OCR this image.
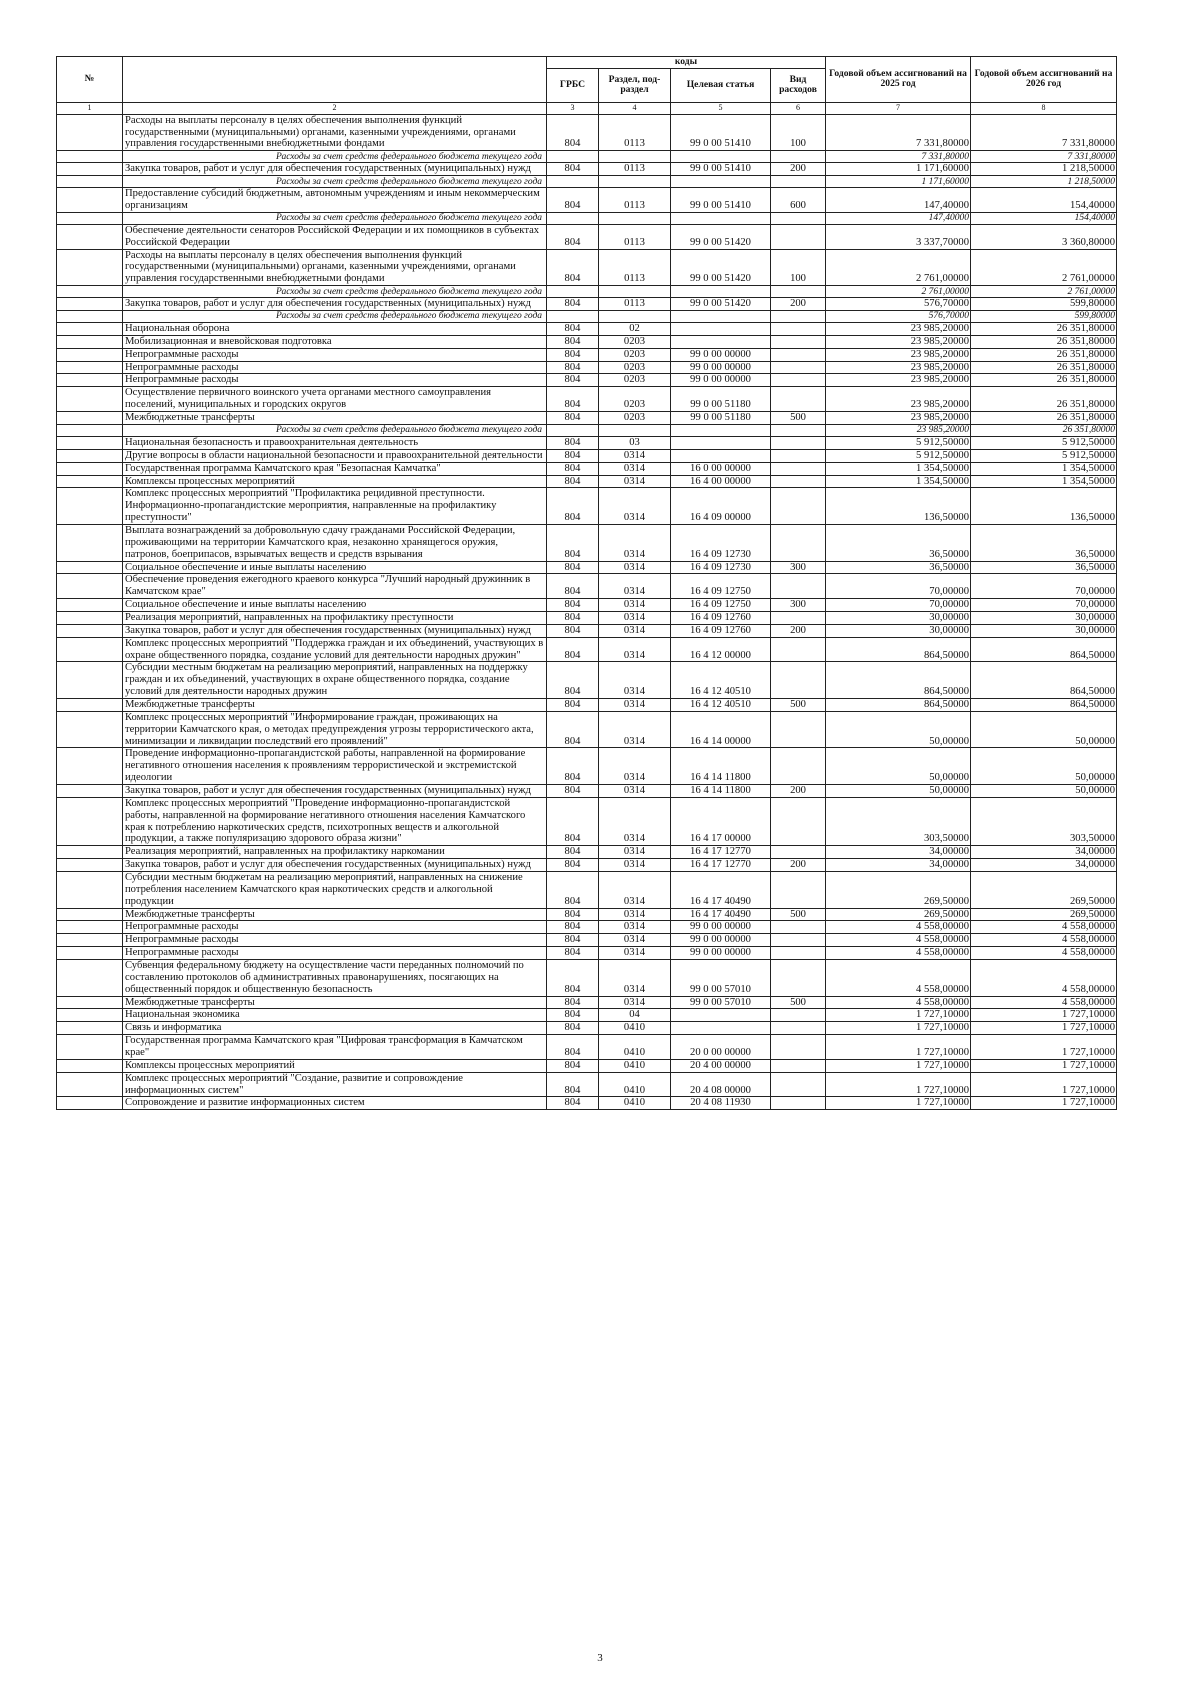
№		коды				Годовой объем ассигнований на 2025 год	Годовой объем ассигнований на 2026 год
		ГРБС	Раздел, под-раздел	Целевая статья	Вид расходов		
1	2	3	4	5	6	7	8
	Расходы на выплаты персоналу в целях обеспечения выполнения функций государственными (муниципальными) органами, казенными учреждениями, органами управления государственными внебюджетными фондами	804	0113	99 0 00 51410	100	7 331,80000	7 331,80000
	Расходы за счет средств федерального бюджета текущего года					7 331,80000	7 331,80000
	Закупка товаров, работ и услуг для обеспечения государственных (муниципальных) нужд	804	0113	99 0 00 51410	200	1 171,60000	1 218,50000
	Расходы за счет средств федерального бюджета текущего года					1 171,60000	1 218,50000
	Предоставление субсидий бюджетным, автономным учреждениям и иным некоммерческим организациям	804	0113	99 0 00 51410	600	147,40000	154,40000
	Расходы за счет средств федерального бюджета текущего года					147,40000	154,40000
	Обеспечение деятельности сенаторов Российской Федерации и их помощников в субъектах Российской Федерации	804	0113	99 0 00 51420		3 337,70000	3 360,80000
	Расходы на выплаты персоналу в целях обеспечения выполнения функций государственными (муниципальными) органами, казенными учреждениями, органами управления государственными внебюджетными фондами	804	0113	99 0 00 51420	100	2 761,00000	2 761,00000
	Расходы за счет средств федерального бюджета текущего года					2 761,00000	2 761,00000
	Закупка товаров, работ и услуг для обеспечения государственных (муниципальных) нужд	804	0113	99 0 00 51420	200	576,70000	599,80000
	Расходы за счет средств федерального бюджета текущего года					576,70000	599,80000
	Национальная оборона	804	02			23 985,20000	26 351,80000
	Мобилизационная и вневойсковая подготовка	804	0203			23 985,20000	26 351,80000
	Непрограммные расходы	804	0203	99 0 00 00000		23 985,20000	26 351,80000
	Непрограммные расходы	804	0203	99 0 00 00000		23 985,20000	26 351,80000
	Непрограммные расходы	804	0203	99 0 00 00000		23 985,20000	26 351,80000
	Осуществление первичного воинского учета органами местного самоуправления поселений, муниципальных и городских округов	804	0203	99 0 00 51180		23 985,20000	26 351,80000
	Межбюджетные трансферты	804	0203	99 0 00 51180	500	23 985,20000	26 351,80000
	Расходы за счет средств федерального бюджета текущего года					23 985,20000	26 351,80000
	Национальная безопасность и правоохранительная деятельность	804	03			5 912,50000	5 912,50000
	Другие вопросы в области национальной безопасности и правоохранительной деятельности	804	0314			5 912,50000	5 912,50000
	Государственная программа Камчатского края "Безопасная Камчатка"	804	0314	16 0 00 00000		1 354,50000	1 354,50000
	Комплексы процессных мероприятий	804	0314	16 4 00 00000		1 354,50000	1 354,50000
	Комплекс процессных мероприятий "Профилактика рецидивной преступности. Информационно-пропагандистские мероприятия, направленные на профилактику преступности"	804	0314	16 4 09 00000		136,50000	136,50000
	Выплата вознаграждений за добровольную сдачу гражданами Российской Федерации, проживающими на территории Камчатского края, незаконно хранящегося оружия, патронов, боеприпасов, взрывчатых веществ и средств взрывания	804	0314	16 4 09 12730		36,50000	36,50000
	Социальное обеспечение и иные выплаты населению	804	0314	16 4 09 12730	300	36,50000	36,50000
	Обеспечение проведения ежегодного краевого конкурса "Лучший народный дружинник в Камчатском крае"	804	0314	16 4 09 12750		70,00000	70,00000
	Социальное обеспечение и иные выплаты населению	804	0314	16 4 09 12750	300	70,00000	70,00000
	Реализация мероприятий, направленных на профилактику преступности	804	0314	16 4 09 12760		30,00000	30,00000
	Закупка товаров, работ и услуг для обеспечения государственных (муниципальных) нужд	804	0314	16 4 09 12760	200	30,00000	30,00000
	Комплекс процессных мероприятий "Поддержка граждан и их объединений, участвующих в охране общественного порядка, создание условий для деятельности народных дружин"	804	0314	16 4 12 00000		864,50000	864,50000
	Субсидии местным бюджетам на реализацию мероприятий, направленных на поддержку граждан и их объединений, участвующих в охране общественного порядка, создание условий для деятельности народных дружин	804	0314	16 4 12 40510		864,50000	864,50000
	Межбюджетные трансферты	804	0314	16 4 12 40510	500	864,50000	864,50000
	Комплекс процессных мероприятий "Информирование граждан, проживающих на территории Камчатского края, о методах предупреждения угрозы террористического акта, минимизации и ликвидации последствий его проявлений"	804	0314	16 4 14 00000		50,00000	50,00000
	Проведение информационно-пропагандистской работы, направленной на формирование негативного отношения населения к проявлениям террористической и экстремистской идеологии	804	0314	16 4 14 11800		50,00000	50,00000
	Закупка товаров, работ и услуг для обеспечения государственных (муниципальных) нужд	804	0314	16 4 14 11800	200	50,00000	50,00000
	Комплекс процессных мероприятий "Проведение информационно-пропагандистской работы, направленной на формирование негативного отношения населения Камчатского края к потреблению наркотических средств, психотропных веществ и алкогольной продукции, а также популяризацию здорового образа жизни"	804	0314	16 4 17 00000		303,50000	303,50000
	Реализация мероприятий, направленных на профилактику наркомании	804	0314	16 4 17 12770		34,00000	34,00000
	Закупка товаров, работ и услуг для обеспечения государственных (муниципальных) нужд	804	0314	16 4 17 12770	200	34,00000	34,00000
	Субсидии местным бюджетам на реализацию мероприятий, направленных на снижение потребления населением Камчатского края наркотических средств и алкогольной продукции	804	0314	16 4 17 40490		269,50000	269,50000
	Межбюджетные трансферты	804	0314	16 4 17 40490	500	269,50000	269,50000
	Непрограммные расходы	804	0314	99 0 00 00000		4 558,00000	4 558,00000
	Непрограммные расходы	804	0314	99 0 00 00000		4 558,00000	4 558,00000
	Непрограммные расходы	804	0314	99 0 00 00000		4 558,00000	4 558,00000
	Субвенция федеральному бюджету на осуществление части переданных полномочий по составлению протоколов об административных правонарушениях, посягающих на общественный порядок и общественную безопасность	804	0314	99 0 00 57010		4 558,00000	4 558,00000
	Межбюджетные трансферты	804	0314	99 0 00 57010	500	4 558,00000	4 558,00000
	Национальная экономика	804	04			1 727,10000	1 727,10000
	Связь и информатика	804	0410			1 727,10000	1 727,10000
	Государственная программа Камчатского края "Цифровая трансформация в Камчатском крае"	804	0410	20 0 00 00000		1 727,10000	1 727,10000
	Комплексы процессных мероприятий	804	0410	20 4 00 00000		1 727,10000	1 727,10000
	Комплекс процессных мероприятий "Создание, развитие и сопровождение информационных систем"	804	0410	20 4 08 00000		1 727,10000	1 727,10000
	Сопровождение и развитие информационных систем	804	0410	20 4 08 11930		1 727,10000	1 727,10000
3
